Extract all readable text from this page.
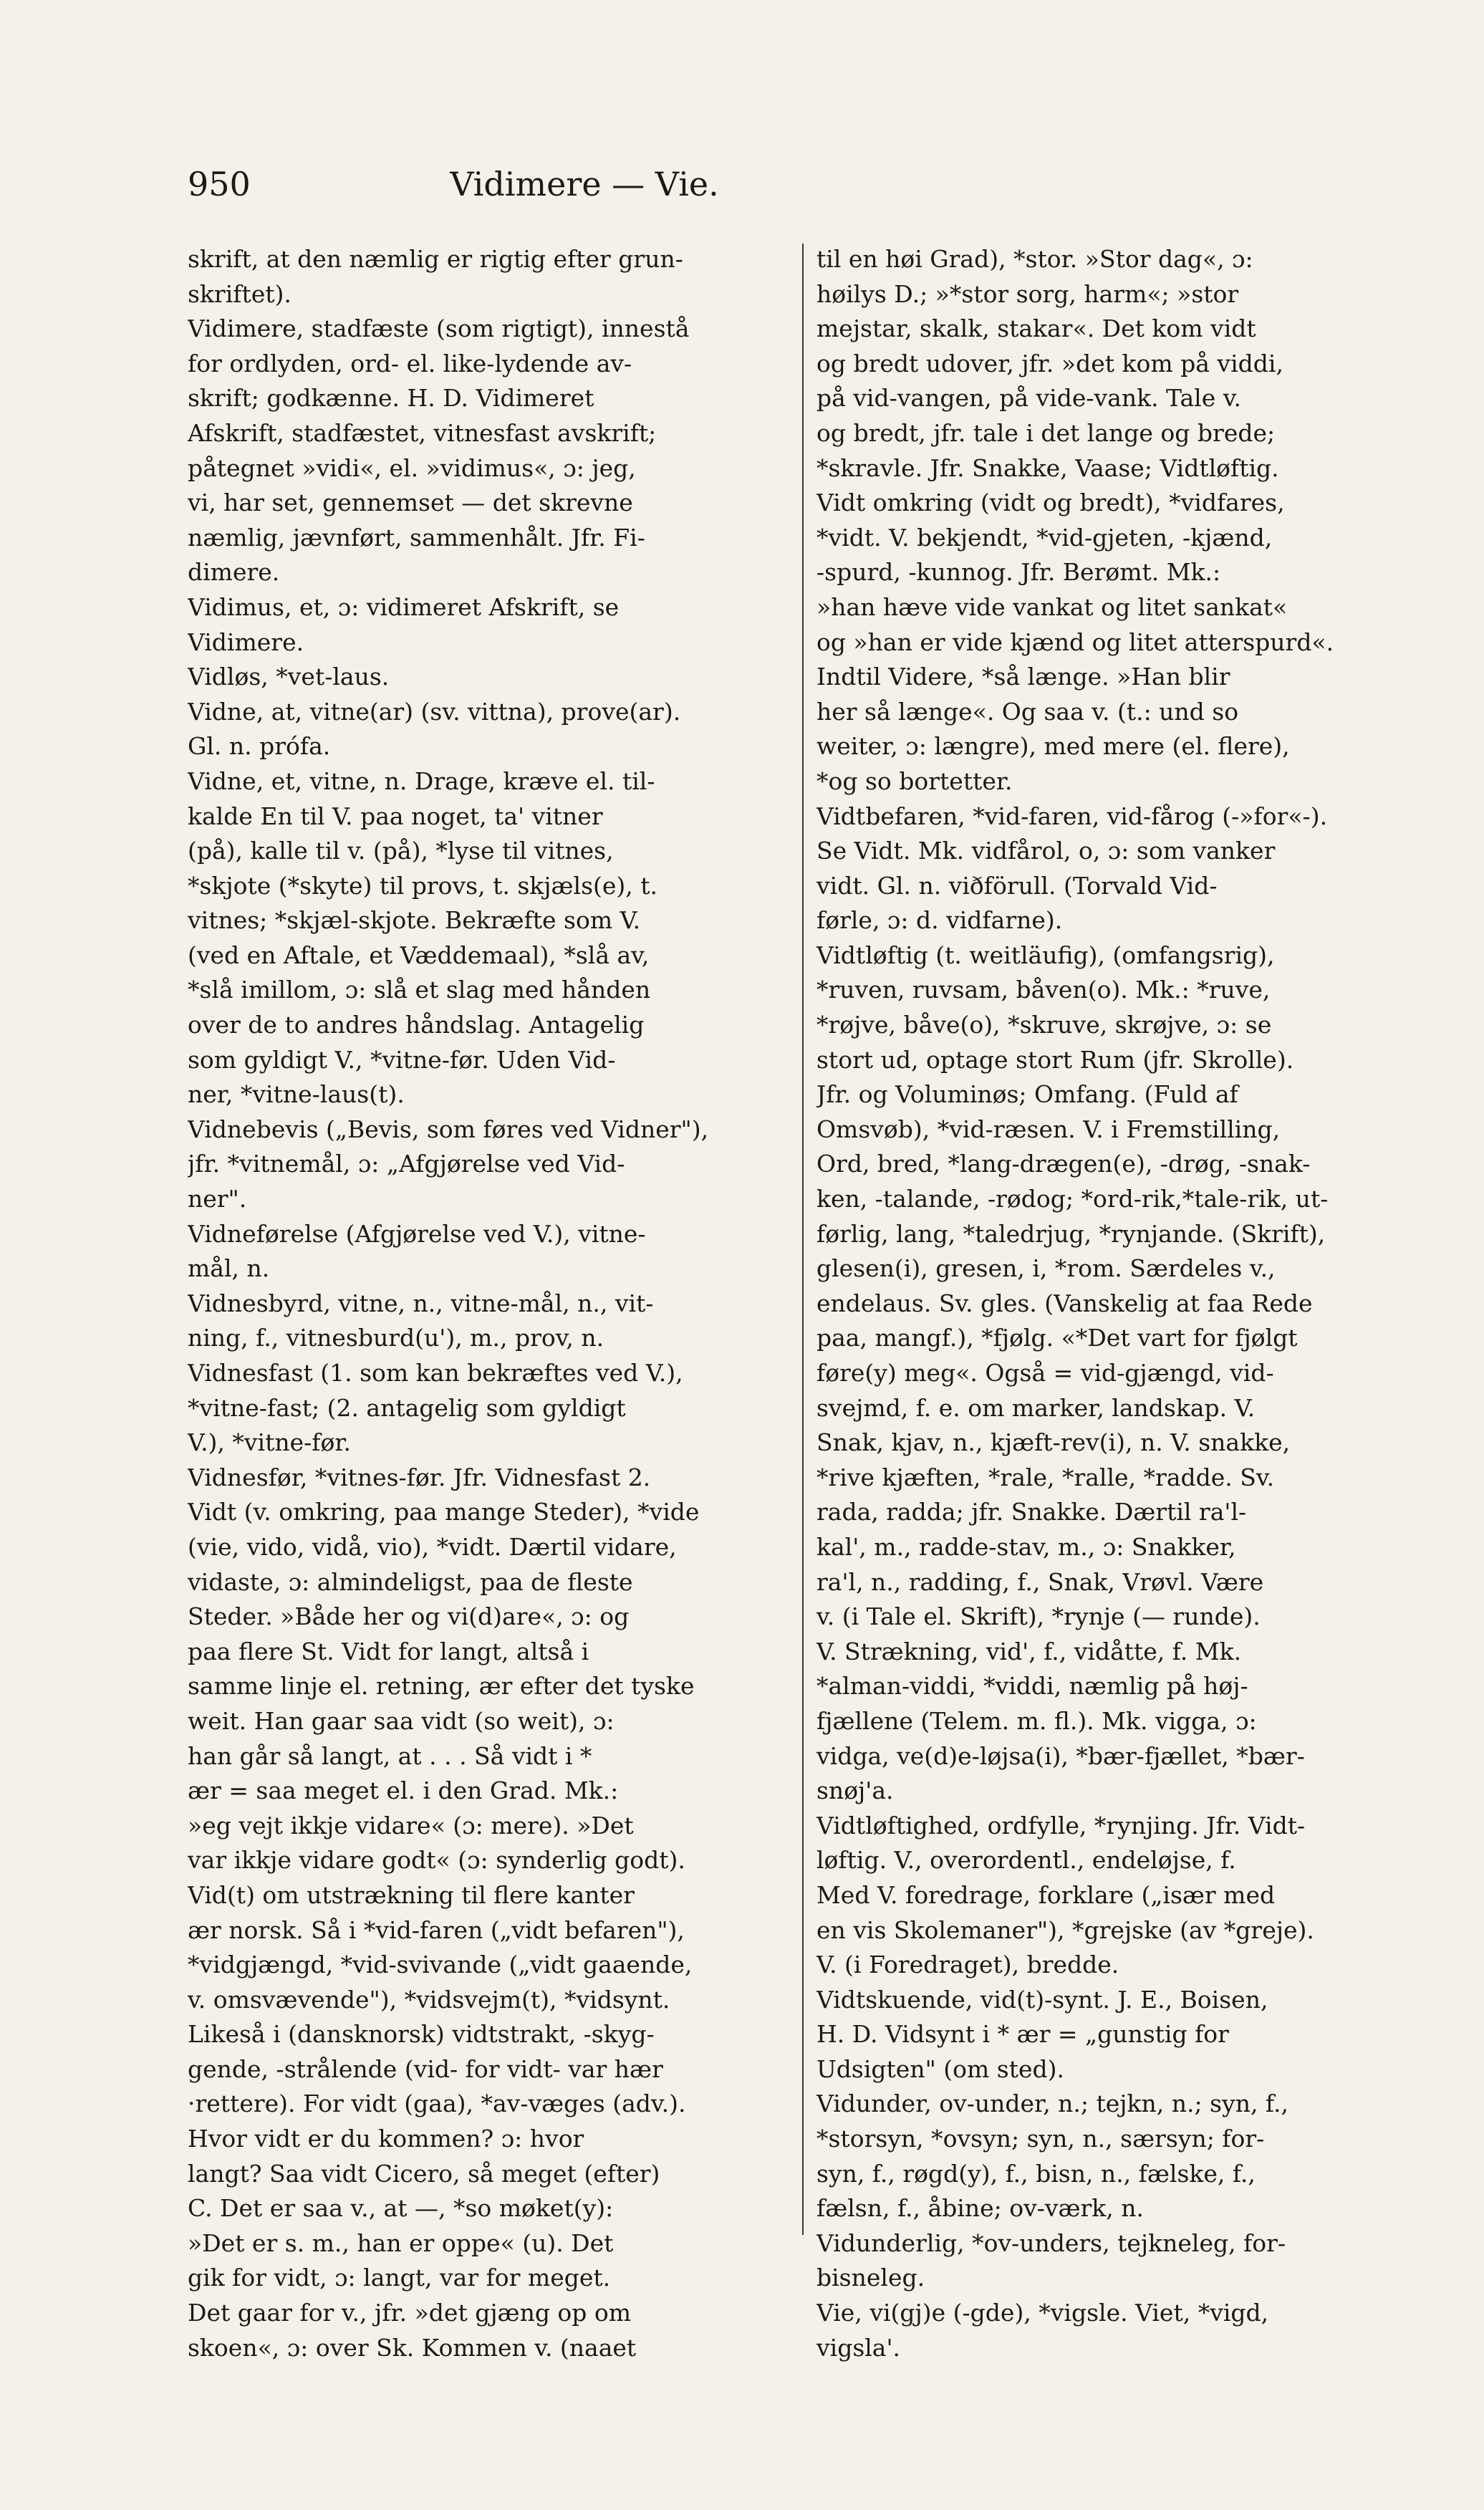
950	Vidimere — Vie.
skrift, at den næmlig er rigtig efter grun-
skriftet).
Vidimere, stadfæste (som rigtigt), innestå
for ordlyden, ord- el. like-lydende av-
skrift; godkænne. H. D. Vidimeret
Afskrift, stadfæstet, vitnesfast avskrift;
påtegnet »vidi«, el. »vidimus«, ɔ: jeg,
vi, har set, gennemset — det skrevne
næmlig, jævnført, sammenhålt. Jfr. Fi-
dimere.
Vidimus, et, ɔ: vidimeret Afskrift, se
Vidimere.
Vidløs, *vet-laus.
Vidne, at, vitne(ar) (sv. vittna), prove(ar).
Gl. n. prófa.
Vidne, et, vitne, n. Drage, kræve el. til-
kalde En til V. paa noget, ta' vitner
(på), kalle til v. (på), *lyse til vitnes,
*skjote (*skyte) til provs, t. skjæls(e), t.
vitnes; *skjæl-skjote. Bekræfte som V.
(ved en Aftale, et Væddemaal), *slå av,
*slå imillom, ɔ: slå et slag med hånden
over de to andres håndslag. Antagelig
som gyldigt V., *vitne-før. Uden Vid-
ner, *vitne-laus(t).
Vidnebevis („Bevis, som føres ved Vidner"),
jfr. *vitnemål, ɔ: „Afgjørelse ved Vid-
ner".
Vidneførelse (Afgjørelse ved V.), vitne-
mål, n.
Vidnesbyrd, vitne, n., vitne-mål, n., vit-
ning, f., vitnesburd(u'), m., prov, n.
Vidnesfast (1. som kan bekræftes ved V.),
*vitne-fast; (2. antagelig som gyldigt
V.), *vitne-før.
Vidnesfør, *vitnes-før. Jfr. Vidnesfast 2.
Vidt (v. omkring, paa mange Steder), *vide
(vie, vido, vidå, vio), *vidt. Dærtil vidare,
vidaste, ɔ: almindeligst, paa de fleste
Steder. »Både her og vi(d)are«, ɔ: og
paa flere St. Vidt for langt, altså i
samme linje el. retning, ær efter det tyske
weit. Han gaar saa vidt (so weit), ɔ:
han går så langt, at . . . Så vidt i *
ær = saa meget el. i den Grad. Mk.:
»eg vejt ikkje vidare« (ɔ: mere). »Det
var ikkje vidare godt« (ɔ: synderlig godt).
Vid(t) om utstrækning til flere kanter
ær norsk. Så i *vid-faren („vidt befaren"),
*vidgjængd, *vid-svivande („vidt gaaende,
v. omsvævende"), *vidsvejm(t), *vidsynt.
Likeså i (dansknorsk) vidtstrakt, -skyg-
gende, -strålende (vid- for vidt- var hær
·rettere). For vidt (gaa), *av-væges (adv.).
Hvor vidt er du kommen? ɔ: hvor
langt? Saa vidt Cicero, så meget (efter)
C. Det er saa v., at —, *so møket(y):
»Det er s. m., han er oppe« (u). Det
gik for vidt, ɔ: langt, var for meget.
Det gaar for v., jfr. »det gjæng op om
skoen«, ɔ: over Sk. Kommen v. (naaet
til en høi Grad), *stor. »Stor dag«, ɔ:
høilys D.; »*stor sorg, harm«; »stor
mejstar, skalk, stakar«. Det kom vidt
og bredt udover, jfr. »det kom på viddi,
på vid-vangen, på vide-vank. Tale v.
og bredt, jfr. tale i det lange og brede;
*skravle. Jfr. Snakke, Vaase; Vidtløftig.
Vidt omkring (vidt og bredt), *vidfares,
*vidt. V. bekjendt, *vid-gjeten, -kjænd,
-spurd, -kunnog. Jfr. Berømt. Mk.:
»han hæve vide vankat og litet sankat«
og »han er vide kjænd og litet atterspurd«.
Indtil Videre, *så længe. »Han blir
her så længe«. Og saa v. (t.: und so
weiter, ɔ: længre), med mere (el. flere),
*og so bortetter.
Vidtbefaren, *vid-faren, vid-fårog (-»for«-).
Se Vidt. Mk. vidfårol, o, ɔ: som vanker
vidt. Gl. n. viðförull. (Torvald Vid-
førle, ɔ: d. vidfarne).
Vidtløftig (t. weitläufig), (omfangsrig),
*ruven, ruvsam, båven(o). Mk.: *ruve,
*røjve, båve(o), *skruve, skrøjve, ɔ: se
stort ud, optage stort Rum (jfr. Skrolle).
Jfr. og Voluminøs; Omfang. (Fuld af
Omsvøb), *vid-ræsen. V. i Fremstilling,
Ord, bred, *lang-drægen(e), -drøg, -snak-
ken, -talande, -rødog; *ord-rik,*tale-rik, ut-
førlig, lang, *taledrjug, *rynjande. (Skrift),
glesen(i), gresen, i, *rom. Særdeles v.,
endelaus. Sv. gles. (Vanskelig at faa Rede
paa, mangf.), *fjølg. «*Det vart for fjølgt
føre(y) meg«. Også = vid-gjængd, vid-
svejmd, f. e. om marker, landskap. V.
Snak, kjav, n., kjæft-rev(i), n. V. snakke,
*rive kjæften, *rale, *ralle, *radde. Sv.
rada, radda; jfr. Snakke. Dærtil ra'l-
kal', m., radde-stav, m., ɔ: Snakker,
ra'l, n., radding, f., Snak, Vrøvl. Være
v. (i Tale el. Skrift), *rynje (— runde).
V. Strækning, vid', f., vidåtte, f. Mk.
*alman-viddi, *viddi, næmlig på høj-
fjællene (Telem. m. fl.). Mk. vigga, ɔ:
vidga, ve(d)e-løjsa(i), *bær-fjællet, *bær-
snøj'a.
Vidtløftighed, ordfylle, *rynjing. Jfr. Vidt-
løftig. V., overordentl., endeløjse, f.
Med V. foredrage, forklare („især med
en vis Skolemaner"), *grejske (av *greje).
V. (i Foredraget), bredde.
Vidtskuende, vid(t)-synt. J. E., Boisen,
H. D. Vidsynt i * ær = „gunstig for
Udsigten" (om sted).
Vidunder, ov-under, n.; tejkn, n.; syn, f.,
*storsyn, *ovsyn; syn, n., særsyn; for-
syn, f., røgd(y), f., bisn, n., fælske, f.,
fælsn, f., åbine; ov-værk, n.
Vidunderlig, *ov-unders, tejkneleg, for-
bisneleg.
Vie, vi(gj)e (-gde), *vigsle. Viet, *vigd,
vigsla'.
